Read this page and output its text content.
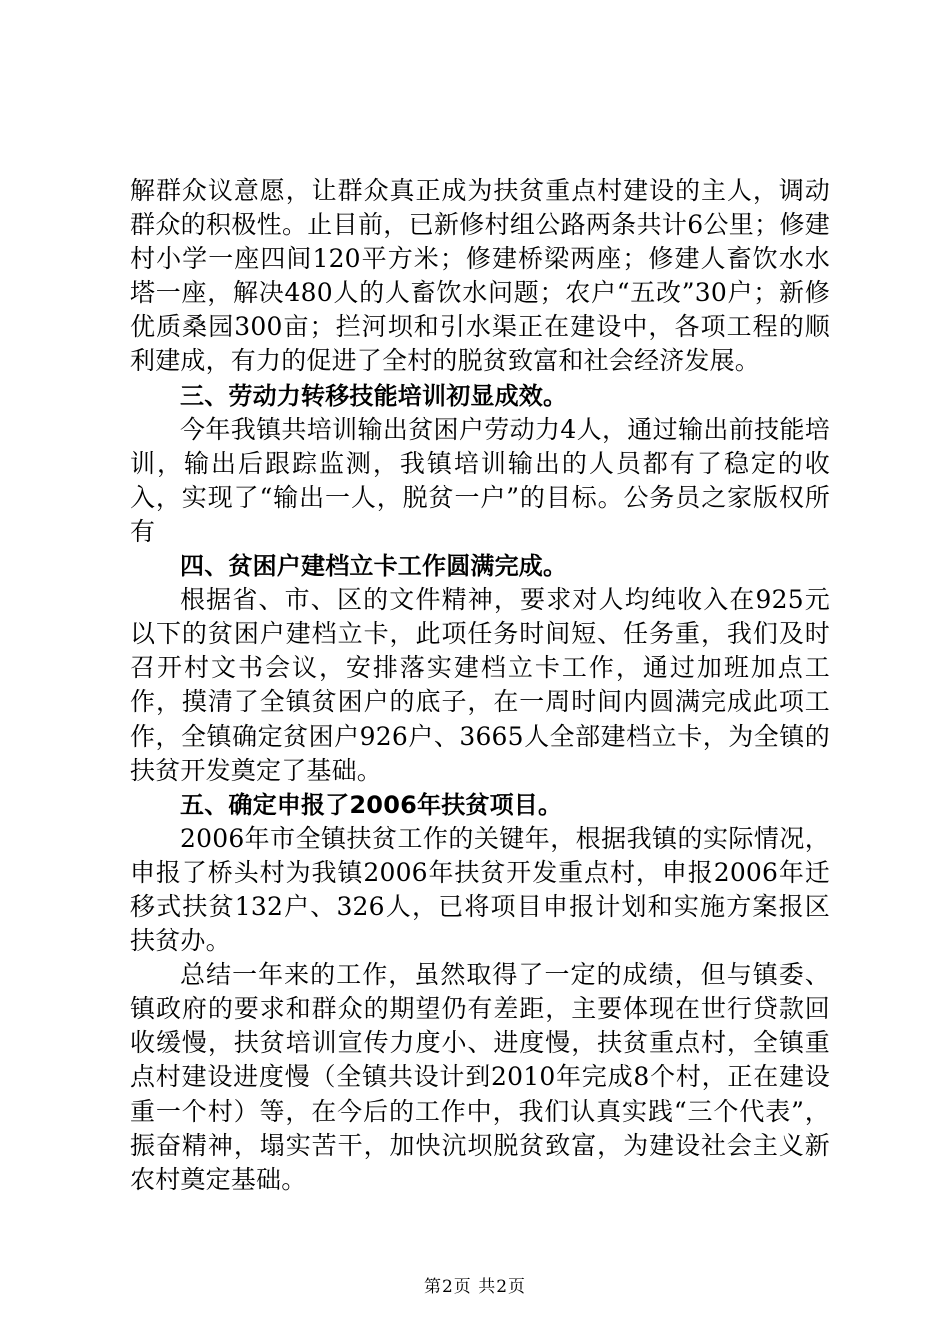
解群众议意愿，让群众真正成为扶贫重点村建设的主人，调动群众的积极性。止目前，已新修村组公路两条共计6公里；修建村小学一座四间120平方米；修建桥梁两座；修建人畜饮水水塔一座，解决480人的人畜饮水问题；农户“五改”30户；新修优质桑园300亩；拦河坝和引水渠正在建设中，各项工程的顺利建成，有力的促进了全村的脱贫致富和社会经济发展。

三、劳动力转移技能培训初显成效。

今年我镇共培训输出贫困户劳动力4人，通过输出前技能培训，输出后跟踪监测，我镇培训输出的人员都有了稳定的收入，实现了“输出一人，脱贫一户”的目标。公务员之家版权所有

四、贫困户建档立卡工作圆满完成。

根据省、市、区的文件精神，要求对人均纯收入在925元以下的贫困户建档立卡，此项任务时间短、任务重，我们及时召开村文书会议，安排落实建档立卡工作，通过加班加点工作，摸清了全镇贫困户的底子，在一周时间内圆满完成此项工作，全镇确定贫困户926户、3665人全部建档立卡，为全镇的扶贫开发奠定了基础。

五、确定申报了2006年扶贫项目。

2006年市全镇扶贫工作的关键年，根据我镇的实际情况，申报了桥头村为我镇2006年扶贫开发重点村，申报2006年迁移式扶贫132户、326人，已将项目申报计划和实施方案报区扶贫办。

总结一年来的工作，虽然取得了一定的成绩，但与镇委、镇政府的要求和群众的期望仍有差距，主要体现在世行贷款回收缓慢，扶贫培训宣传力度小、进度慢，扶贫重点村，全镇重点村建设进度慢（全镇共设计到2010年完成8个村，正在建设重一个村）等，在今后的工作中，我们认真实践“三个代表”，振奋精神，塌实苦干，加快沆坝脱贫致富，为建设社会主义新农村奠定基础。

第2页 共2页
